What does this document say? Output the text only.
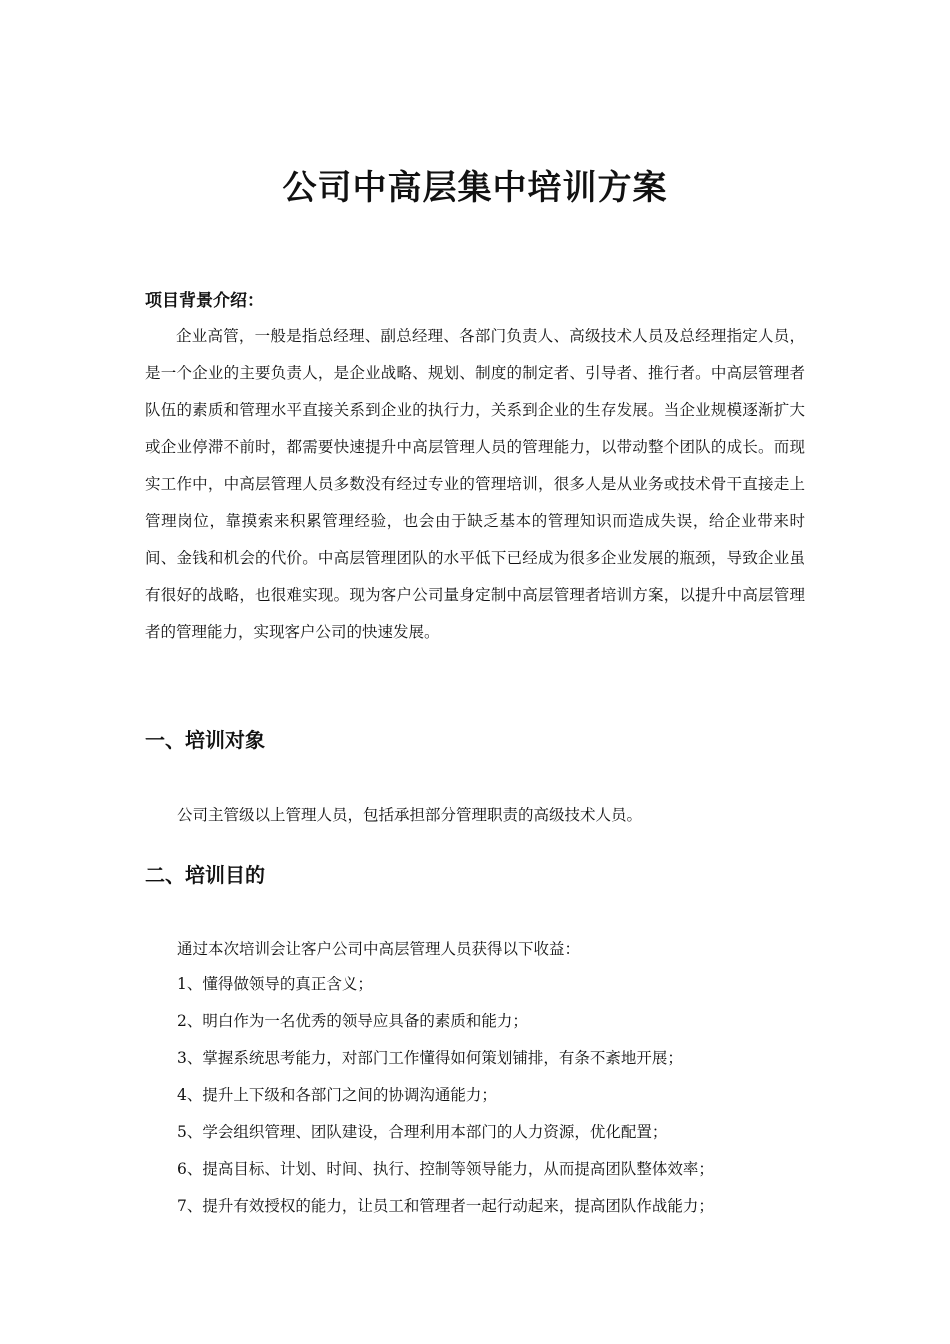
公司中高层集中培训方案
项目背景介绍：

企业高管，一般是指总经理、副总经理、各部门负责人、高级技术人员及总经理指定人员，是一个企业的主要负责人，是企业战略、规划、制度的制定者、引导者、推行者。中高层管理者队伍的素质和管理水平直接关系到企业的执行力，关系到企业的生存发展。当企业规模逐渐扩大或企业停滞不前时，都需要快速提升中高层管理人员的管理能力，以带动整个团队的成长。而现实工作中，中高层管理人员多数没有经过专业的管理培训，很多人是从业务或技术骨干直接走上管理岗位，靠摸索来积累管理经验，也会由于缺乏基本的管理知识而造成失误，给企业带来时间、金钱和机会的代价。中高层管理团队的水平低下已经成为很多企业发展的瓶颈，导致企业虽有很好的战略，也很难实现。现为客户公司量身定制中高层管理者培训方案，以提升中高层管理者的管理能力，实现客户公司的快速发展。

一、培训对象
公司主管级以上管理人员，包括承担部分管理职责的高级技术人员。
二、培训目的
通过本次培训会让客户公司中高层管理人员获得以下收益：
1、懂得做领导的真正含义；
2、明白作为一名优秀的领导应具备的素质和能力；
3、掌握系统思考能力，对部门工作懂得如何策划铺排，有条不紊地开展；
4、提升上下级和各部门之间的协调沟通能力；
5、学会组织管理、团队建设，合理利用本部门的人力资源，优化配置；
6、提高目标、计划、时间、执行、控制等领导能力，从而提高团队整体效率；
7、提升有效授权的能力，让员工和管理者一起行动起来，提高团队作战能力；
